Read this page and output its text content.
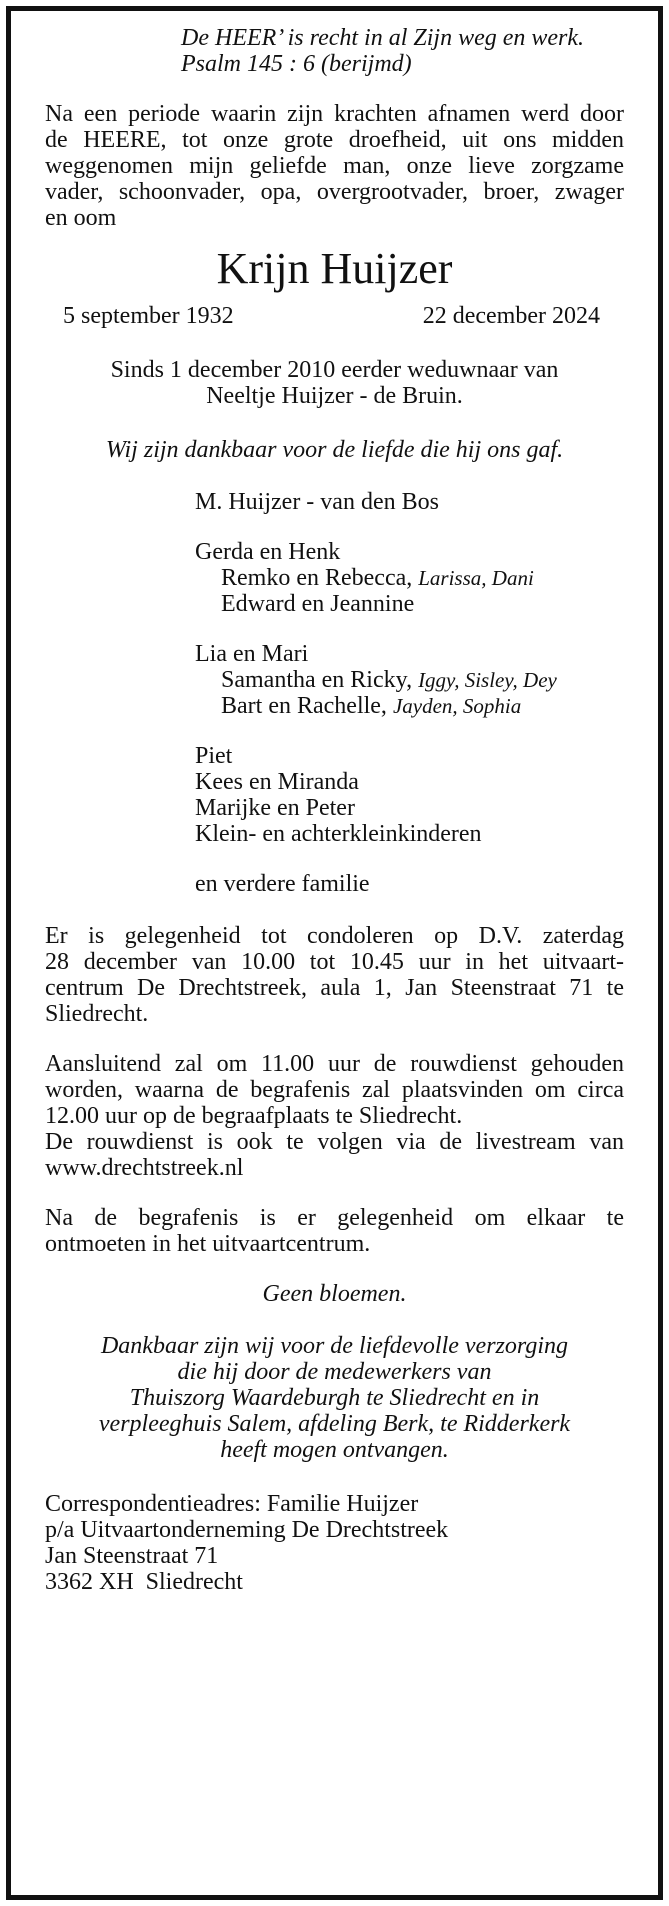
De HEER’ is recht in al Zijn weg en werk.
Psalm 145 : 6 (berijmd)
Na een periode waarin zijn krachten afnamen werd door
de HEERE, tot onze grote droefheid, uit ons midden
weggenomen mijn geliefde man, onze lieve zorgzame
vader, schoonvader, opa, overgrootvader, broer, zwager
en oom
Krijn Huijzer
5 september 1932	22 december 2024
Sinds 1 december 2010 eerder weduwnaar van
Neeltje Huijzer - de Bruin.
Wij zijn dankbaar voor de liefde die hij ons gaf.
M. Huijzer - van den Bos
Gerda en Henk
Remko en Rebecca, Larissa, Dani
Edward en Jeannine
Lia en Mari
Samantha en Ricky, Iggy, Sisley, Dey
Bart en Rachelle, Jayden, Sophia
Piet
Kees en Miranda
Marijke en Peter
Klein- en achterkleinkinderen
en verdere familie
Er is gelegenheid tot condoleren op D.V. zaterdag
28 december van 10.00 tot 10.45 uur in het uitvaart-
centrum De Drechtstreek, aula 1, Jan Steenstraat 71 te
Sliedrecht.
Aansluitend zal om 11.00 uur de rouwdienst gehouden
worden, waarna de begrafenis zal plaatsvinden om circa
12.00 uur op de begraafplaats te Sliedrecht.
De rouwdienst is ook te volgen via de livestream van
www.drechtstreek.nl
Na de begrafenis is er gelegenheid om elkaar te
ontmoeten in het uitvaartcentrum.
Geen bloemen.
Dankbaar zijn wij voor de liefdevolle verzorging
die hij door de medewerkers van
Thuiszorg Waardeburgh te Sliedrecht en in
verpleeghuis Salem, afdeling Berk, te Ridderkerk
heeft mogen ontvangen.
Correspondentieadres: Familie Huijzer
p/a Uitvaartonderneming De Drechtstreek
Jan Steenstraat 71
3362 XH  Sliedrecht
